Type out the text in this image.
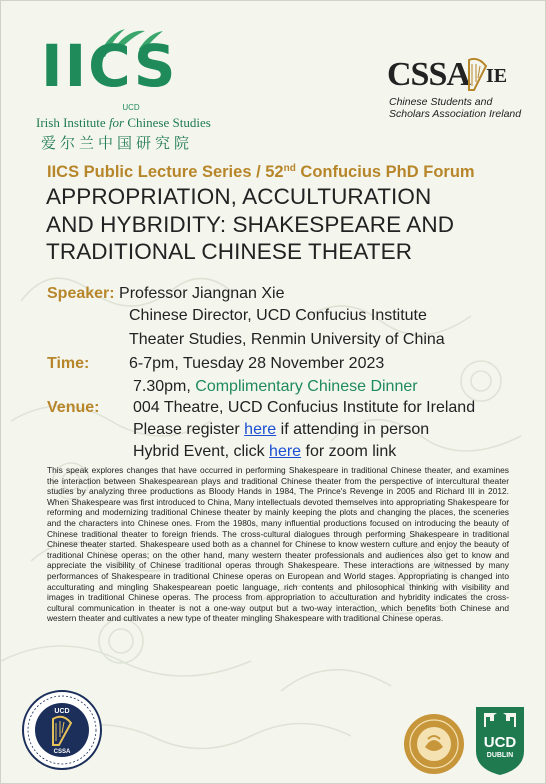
IICS
UCD
Irish Institute for Chinese Studies
爱尔兰中国研究院
CSSA IE
Chinese Students and
Scholars Association Ireland
IICS Public Lecture Series / 52nd Confucius PhD Forum
APPROPRIATION, ACCULTURATION
AND HYBRIDITY: SHAKESPEARE AND
TRADITIONAL CHINESE THEATER
Speaker: Professor Jiangnan Xie
Chinese Director, UCD Confucius Institute
Theater Studies, Renmin University of China
Time: 6-7pm, Tuesday 28 November 2023
7.30pm, Complimentary Chinese Dinner
Venue: 004 Theatre, UCD Confucius Institute for Ireland
Please register here if attending in person
Hybrid Event, click here for zoom link
This speak explores changes that have occurred in performing Shakespeare in traditional Chinese theater, and examines the interaction between Shakespearean plays and traditional Chinese theater from the perspective of intercultural theater studies by analyzing three productions as Bloody Hands in 1984, The Prince's Revenge in 2005 and Richard III in 2012. When Shakespeare was first introduced to China, Many intellectuals devoted themselves into appropriating Shakespeare for reforming and modernizing traditional Chinese theater by mainly keeping the plots and changing the places, the sceneries and the characters into Chinese ones. From the 1980s, many influential productions focused on introducing the beauty of Chinese traditional theater to foreign friends. The cross-cultural dialogues through performing Shakespeare in traditional Chinese theater started. Shakespeare used both as a channel for Chinese to know western culture and enjoy the beauty of traditional Chinese operas; on the other hand, many western theater professionals and audiences also get to know and appreciate the visibility of Chinese traditional operas through Shakespeare. These interactions are witnessed by many performances of Shakespeare in traditional Chinese operas on European and World stages. Appropriating is changed into acculturating and mingling Shakespearean poetic language, rich contents and philosophical thinking with visibility and images in traditional Chinese operas. The process from appropriation to acculturation and hybridity indicates the cross-cultural communication in theater is not a one-way output but a two-way interaction, which benefits both Chinese and western theater and cultivates a new type of theater mingling Shakespeare with traditional Chinese operas.
UCD
CSSA
UCD
DUBLIN
